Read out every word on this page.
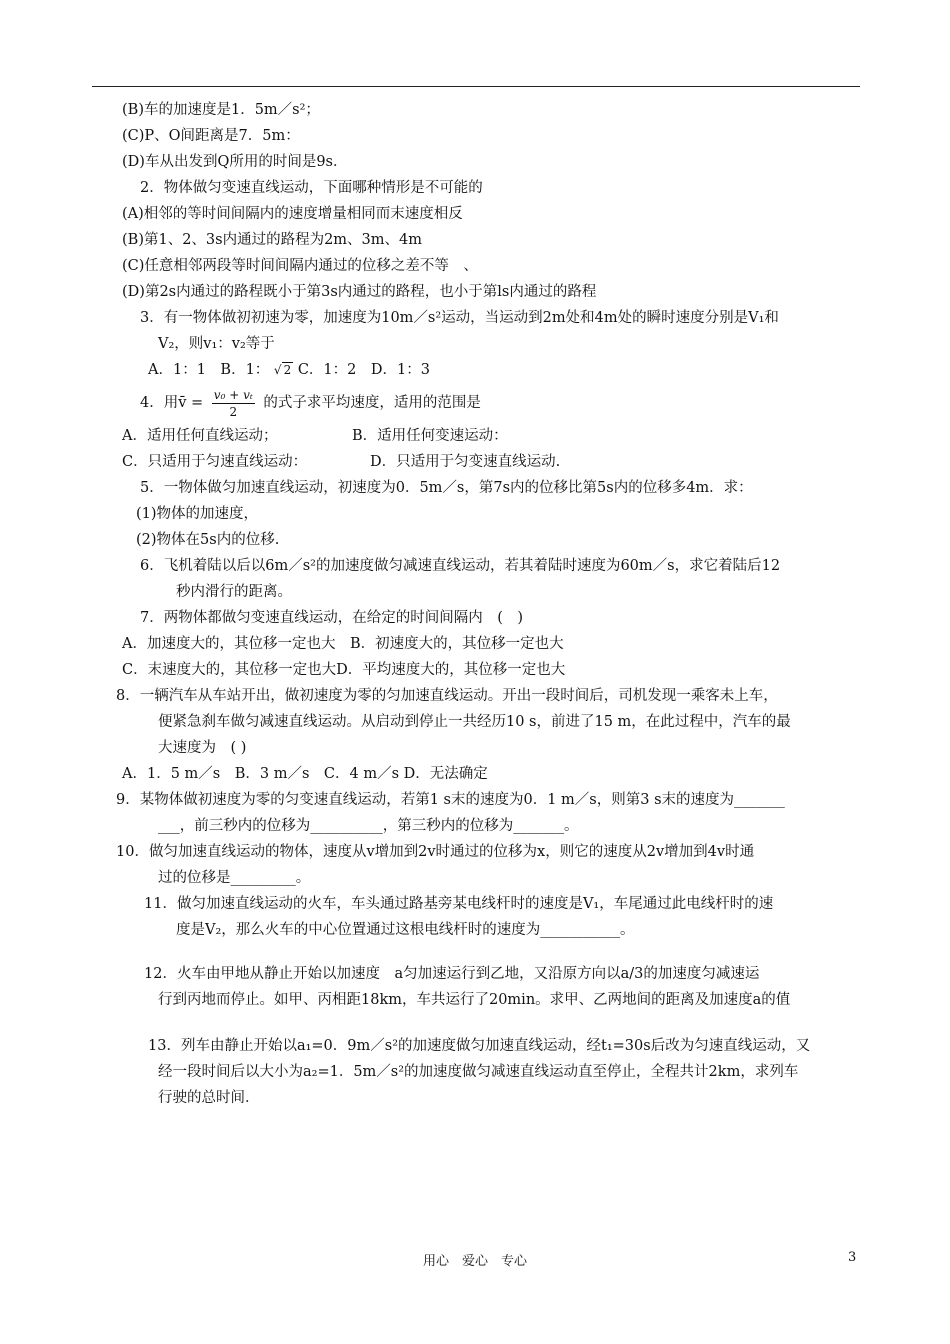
(B)车的加速度是1．5m／s²；
(C)P、O间距离是7．5m：
(D)车从出发到Q所用的时间是9s．
2．物体做匀变速直线运动，下面哪种情形是不可能的
(A)相邻的等时间间隔内的速度增量相同而末速度相反
(B)第1、2、3s内通过的路程为2m、3m、4m
(C)任意相邻两段等时间间隔内通过的位移之差不等　、
(D)第2s内通过的路程既小于第3s内通过的路程，也小于第ls内通过的路程
3．有一物体做初初速为零，加速度为10m／s²运动，当运动到2m处和4m处的瞬时速度分别是V₁和
V₂，则v₁：v₂等于
A．1：1　B．1： √ 2 C．1：2　D．1：3
4．用v̄ = $\frac{\text{v₀ + vₜ}}{2}$ 的式子求平均速度，适用的范围是
A．适用任何直线运动；	B．适用任何变速运动：
C．只适用于匀速直线运动：	D．只适用于匀变速直线运动.
5．一物体做匀加速直线运动，初速度为0．5m／s，第7s内的位移比第5s内的位移多4m．求：
(1)物体的加速度，
(2)物体在5s内的位移.
6．飞机着陆以后以6m／s²的加速度做匀减速直线运动，若其着陆时速度为60m／s，求它着陆后12
秒内滑行的距离。
7．两物体都做匀变速直线运动，在给定的时间间隔内　(　)
A．加速度大的，其位移一定也大　B．初速度大的，其位移一定也大
C．末速度大的，其位移一定也大D．平均速度大的，其位移一定也大
8．一辆汽车从车站开出，做初速度为零的匀加速直线运动。开出一段时间后，司机发现一乘客未上车，
便紧急刹车做匀减速直线运动。从启动到停止一共经历10 s，前进了15 m，在此过程中，汽车的最
大速度为　( )
A．1．5 m／s　B．3 m／s　C．4 m／s D．无法确定
9．某物体做初速度为零的匀变速直线运动，若第1 s末的速度为0．1 m／s，则第3 s末的速度为_______
___，前三秒内的位移为__________，第三秒内的位移为_______。
10．做匀加速直线运动的物体，速度从v增加到2v时通过的位移为x，则它的速度从2v增加到4v时通
过的位移是_________。
11．做匀加速直线运动的火车，车头通过路基旁某电线杆时的速度是V₁，车尾通过此电线杆时的速
度是V₂，那么火车的中心位置通过这根电线杆时的速度为___________。
12．火车由甲地从静止开始以加速度　a匀加速运行到乙地，又沿原方向以a/3的加速度匀减速运
行到丙地而停止。如甲、丙相距18km，车共运行了20min。求甲、乙两地间的距离及加速度a的值
13．列车由静止开始以a₁=0．9m／s²的加速度做匀加速直线运动，经t₁=30s后改为匀速直线运动，又
经一段时间后以大小为a₂=1．5m／s²的加速度做匀减速直线运动直至停止，全程共计2km，求列车
行驶的总时间．
用心　爱心　专心	3
